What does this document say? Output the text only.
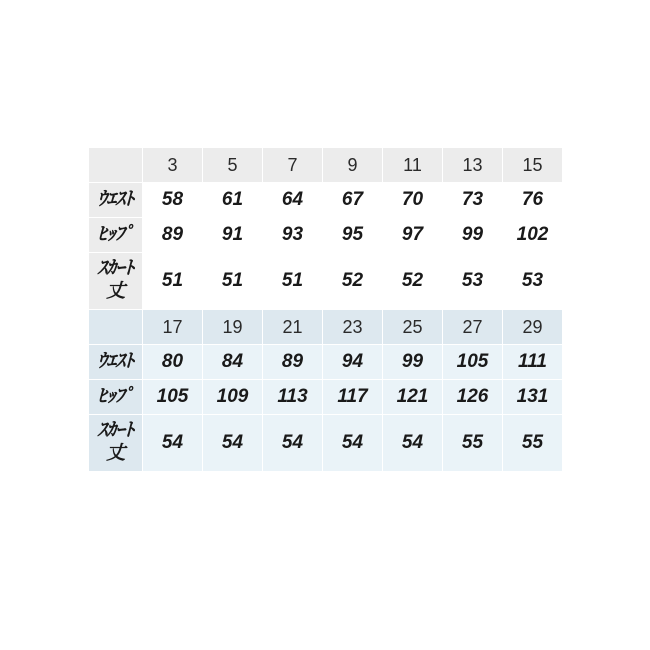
	3	5	7	9	11	13	15
ｳｴｽﾄ	58	61	64	67	70	73	76
ﾋｯﾌﾟ	89	91	93	95	97	99	102

ｽｶｰﾄ
丈	51	51	51	52	52	53	53
	17	19	21	23	25	27	29
ｳｴｽﾄ	80	84	89	94	99	105	111
ﾋｯﾌﾟ	105	109	113	117	121	126	131

ｽｶｰﾄ
丈	54	54	54	54	54	55	55
